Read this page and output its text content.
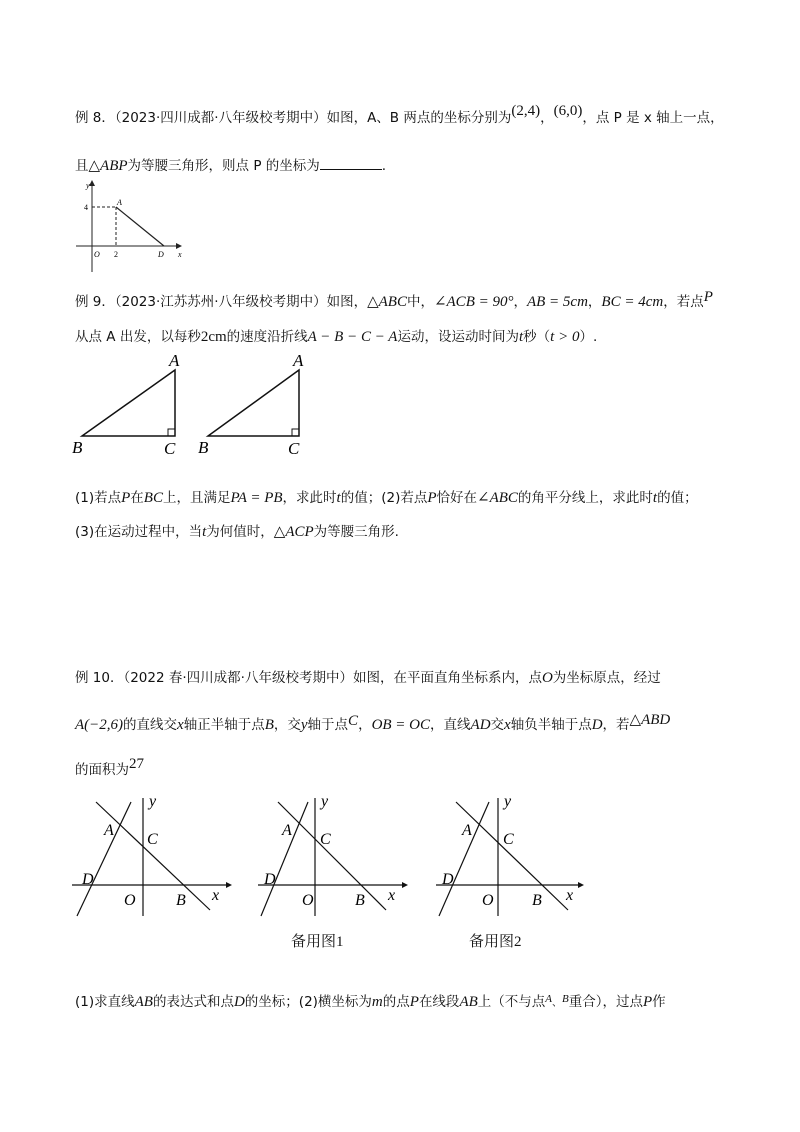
例 8．（2023·四川成都·八年级校考期中）如图，A、B 两点的坐标分别为(2,4)，(6,0)，点 P 是 x 轴上一点，
且△ABP为等腰三角形，则点 P 的坐标为	.
y
4
A
O 2	D x
例 9．（2023·江苏苏州·八年级校考期中）如图，△ABC中，∠ACB = 90°，AB = 5cm，BC = 4cm，若点P
从点 A 出发，以每秒2cm的速度沿折线A − B − C − A运动，设运动时间为t秒（t > 0）.
A
B	C
A
B	C
(1)若点P在BC上，且满足PA = PB，求此时t的值；(2)若点P恰好在∠ABC的角平分线上，求此时t的值；
(3)在运动过程中，当t为何值时，△ACP为等腰三角形.
例 10．（2022 春·四川成都·八年级校考期中）如图，在平面直角坐标系内，点O为坐标原点，经过
A(−2,6)的直线交x轴正半轴于点B，交y轴于点C，OB = OC，直线AD交x轴负半轴于点D，若△ABD
的面积为27
y
A
C
D
O	B x
y
A
C
D
O	B x
y
A
C
D
O B x
备用图1	备用图2
(1)求直线AB的表达式和点D的坐标；(2)横坐标为m的点P在线段AB上（不与点$^A$、$^B$重合），过点P作
